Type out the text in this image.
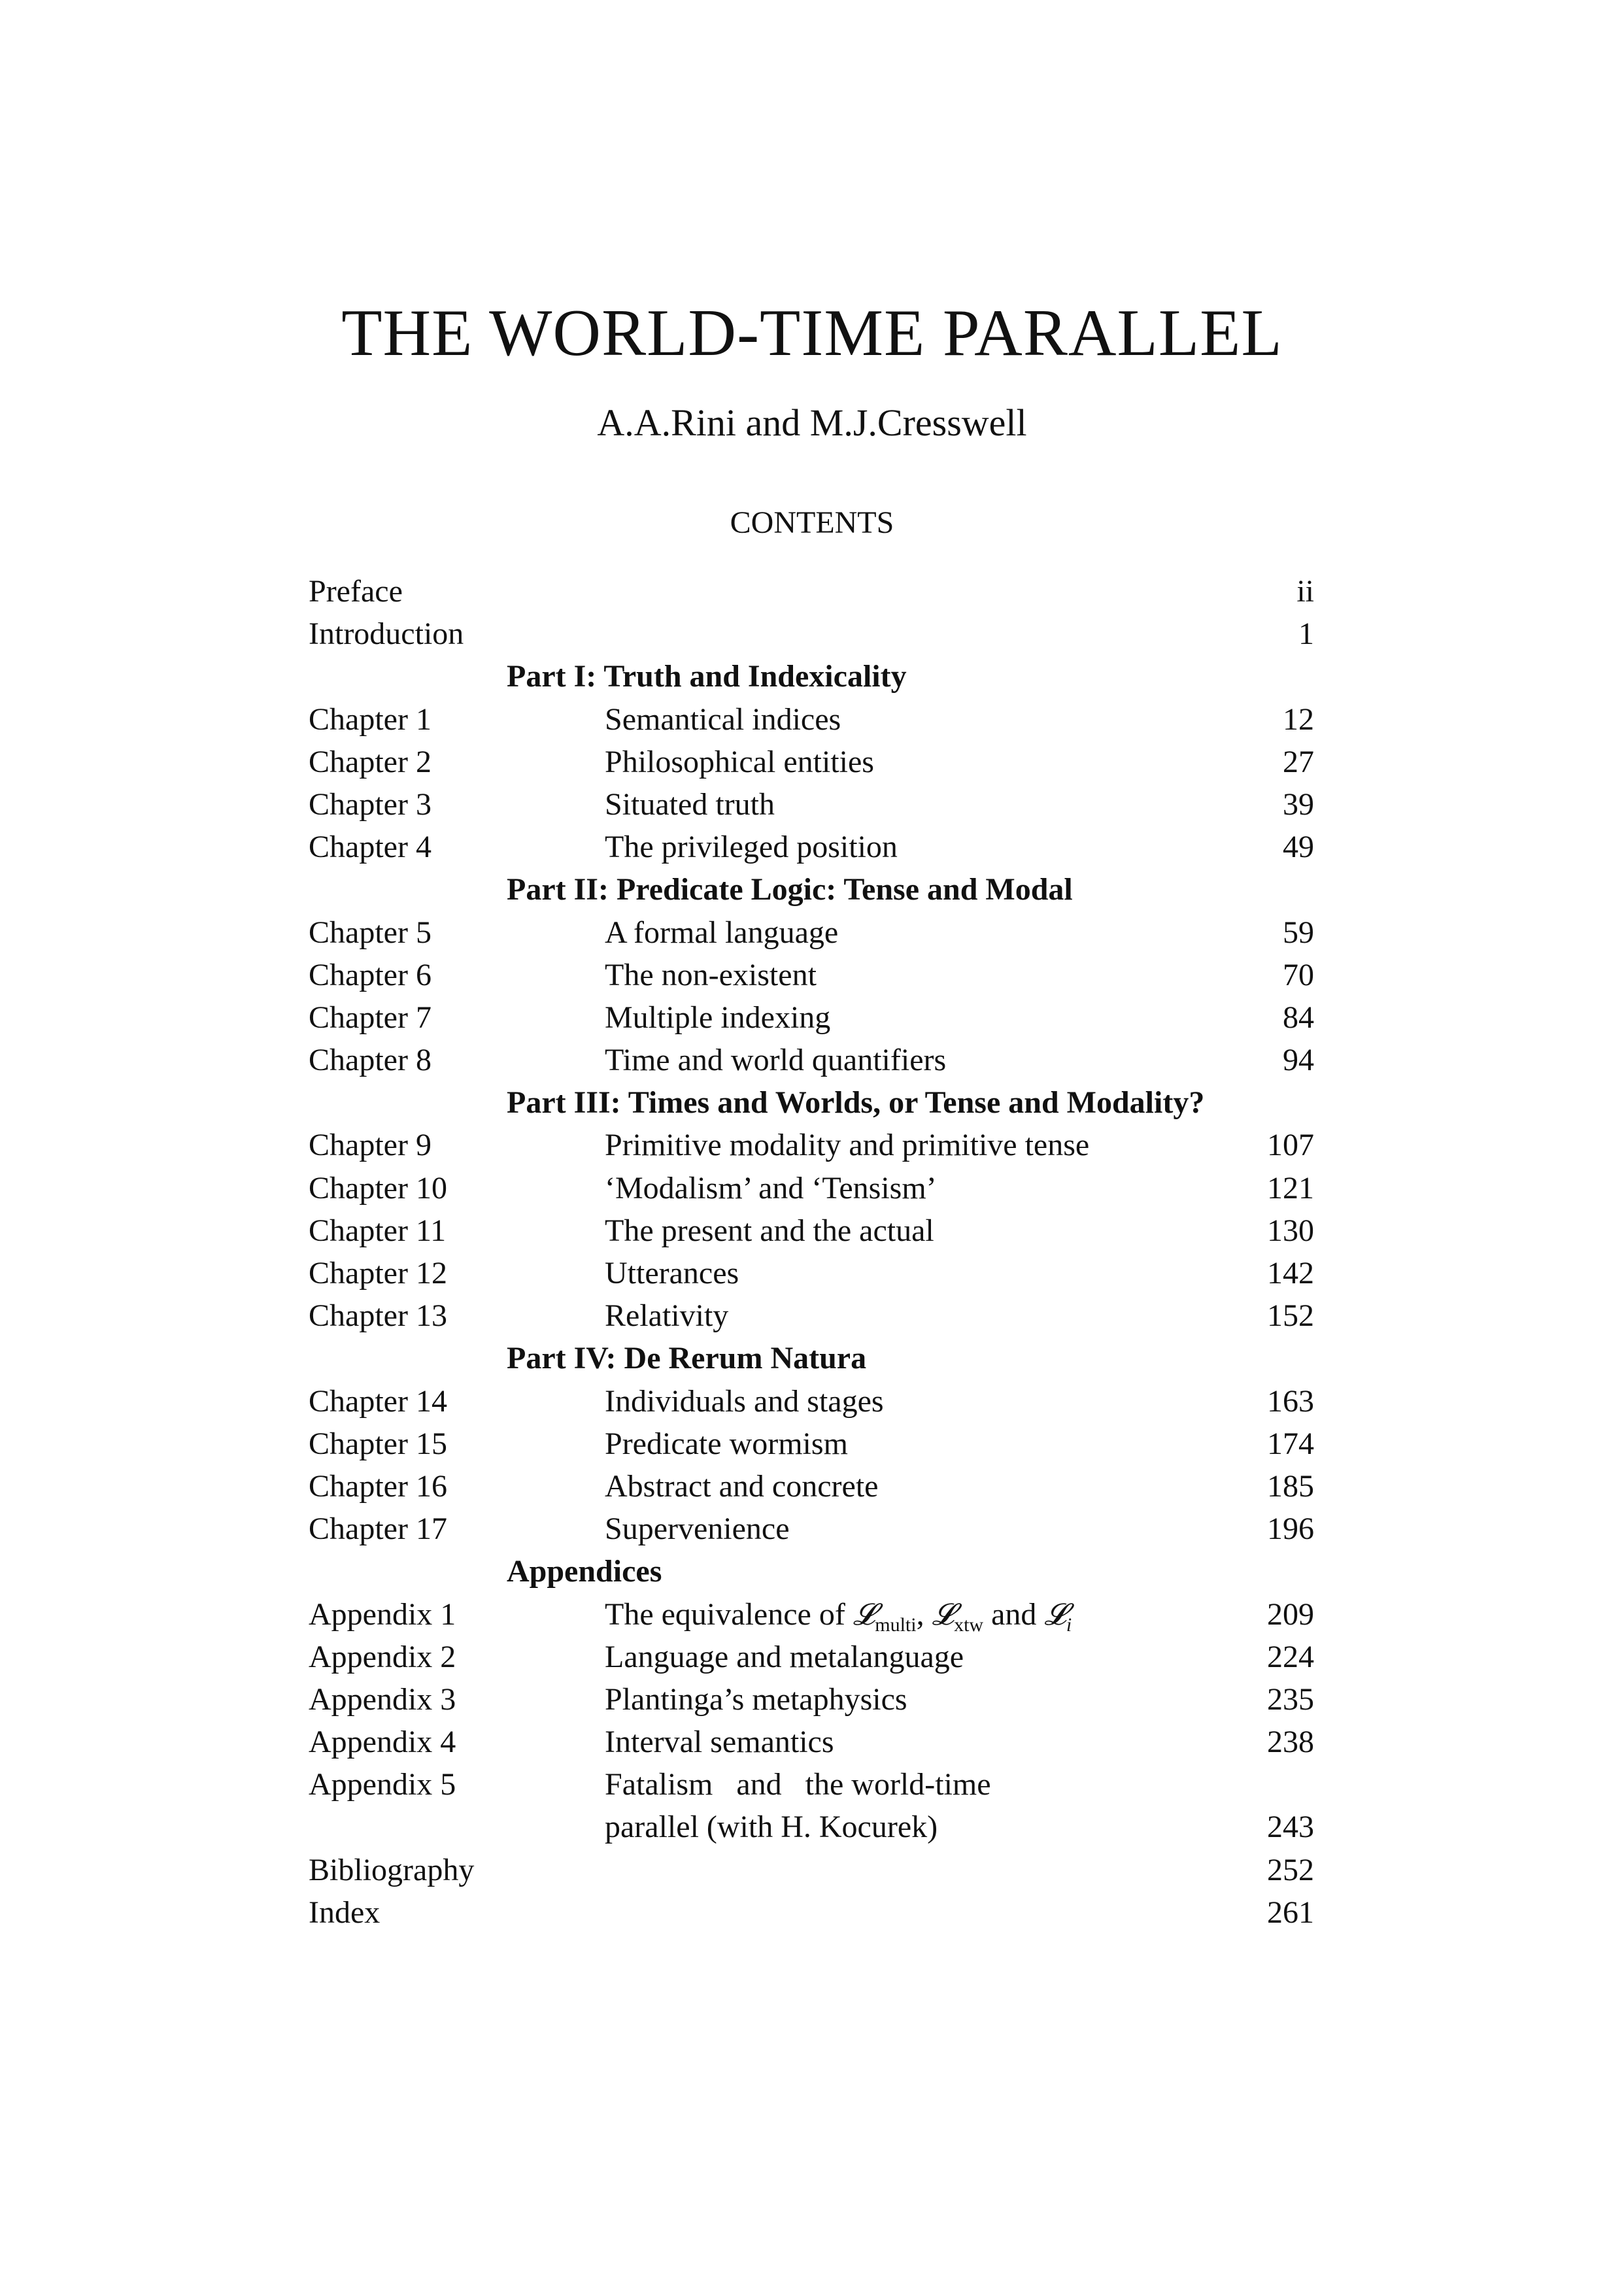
THE WORLD-TIME PARALLEL
A.A.Rini and M.J.Cresswell
CONTENTS
Preface	ii
Introduction	1
Part I: Truth and Indexicality
Chapter 1	Semantical indices	12
Chapter 2	Philosophical entities	27
Chapter 3	Situated truth	39
Chapter 4	The privileged position	49
Part II: Predicate Logic: Tense and Modal
Chapter 5	A formal language	59
Chapter 6	The non-existent	70
Chapter 7	Multiple indexing	84
Chapter 8	Time and world quantifiers	94
Part III: Times and Worlds, or Tense and Modality?
Chapter 9	Primitive modality and primitive tense	107
Chapter 10	‘Modalism’ and ‘Tensism’	121
Chapter 11	The present and the actual	130
Chapter 12	Utterances	142
Chapter 13	Relativity	152
Part IV: De Rerum Natura
Chapter 14	Individuals and stages	163
Chapter 15	Predicate wormism	174
Chapter 16	Abstract and concrete	185
Chapter 17	Supervenience	196
Appendices
Appendix 1	The equivalence of 𝓛$_{multi}$, 𝓛$_{xtw}$ and 𝓛$_i$	209
Appendix 2	Language and metalanguage	224
Appendix 3	Plantinga’s metaphysics	235
Appendix 4	Interval semantics	238
Appendix 5	Fatalism   and   the world-time
parallel (with H. Kocurek)	243
Bibliography	252
Index	261
